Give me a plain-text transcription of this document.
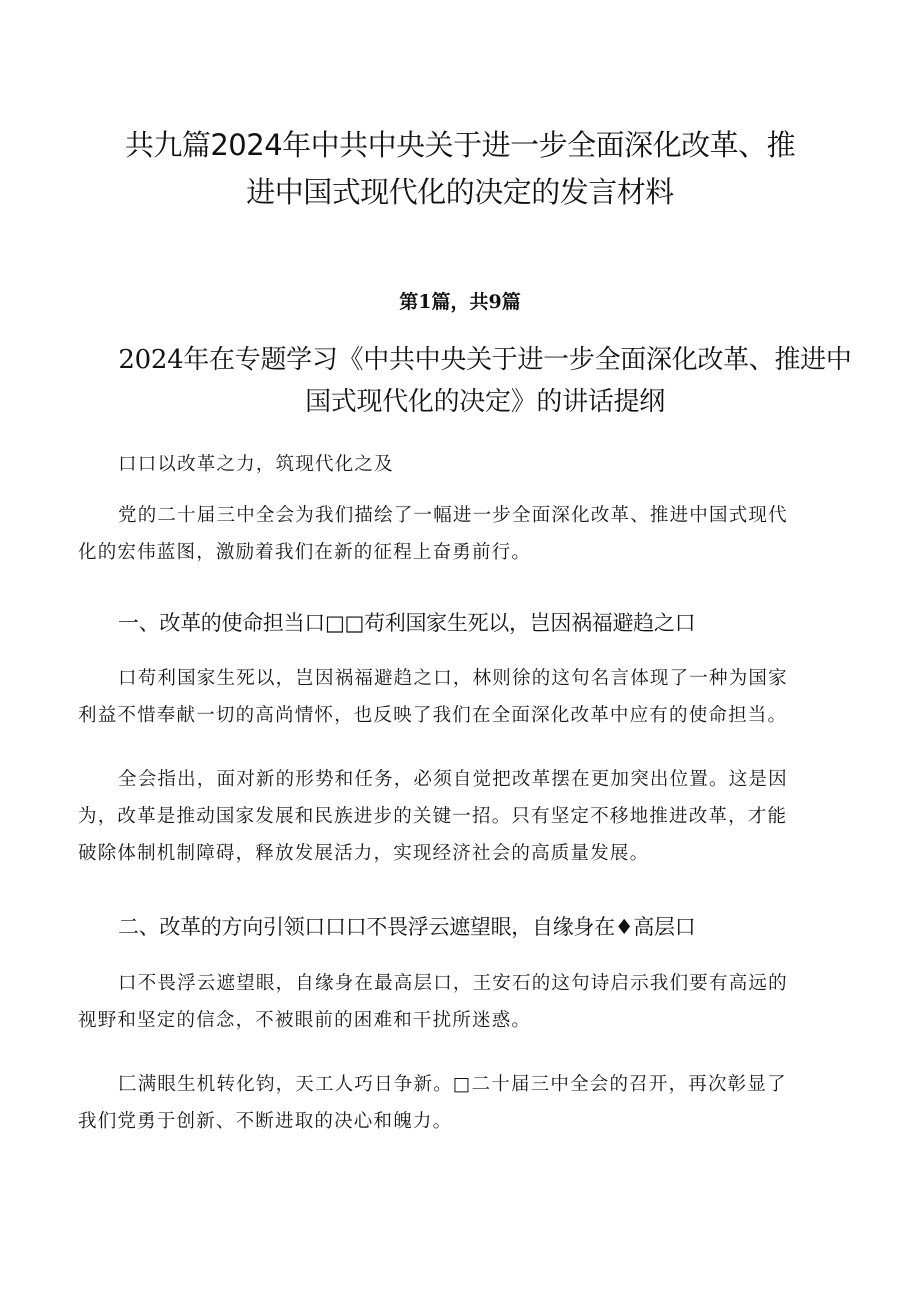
共九篇2024年中共中央关于进一步全面深化改革、推
进中国式现代化的决定的发言材料

第1篇，共9篇

2024年在专题学习《中共中央关于进一步全面深化改革、推进中
国式现代化的决定》的讲话提纲

口口以改革之力，筑现代化之及

党的二十届三中全会为我们描绘了一幅进一步全面深化改革、推进中国式现代
化的宏伟蓝图，激励着我们在新的征程上奋勇前行。

一、改革的使命担当口□□苟利国家生死以，岂因祸福避趋之口

口苟利国家生死以，岂因祸福避趋之口，林则徐的这句名言体现了一种为国家
利益不惜奉献一切的高尚情怀，也反映了我们在全面深化改革中应有的使命担当。

全会指出，面对新的形势和任务，必须自觉把改革摆在更加突出位置。这是因
为，改革是推动国家发展和民族进步的关键一招。只有坚定不移地推进改革，才能
破除体制机制障碍，释放发展活力，实现经济社会的高质量发展。

二、改革的方向引领口口口不畏浮云遮望眼，自缘身在♦高层口

口不畏浮云遮望眼，自缘身在最高层口，王安石的这句诗启示我们要有高远的
视野和坚定的信念，不被眼前的困难和干扰所迷惑。

匚满眼生机转化钧，天工人巧日争新。□二十届三中全会的召开，再次彰显了
我们党勇于创新、不断进取的决心和魄力。
